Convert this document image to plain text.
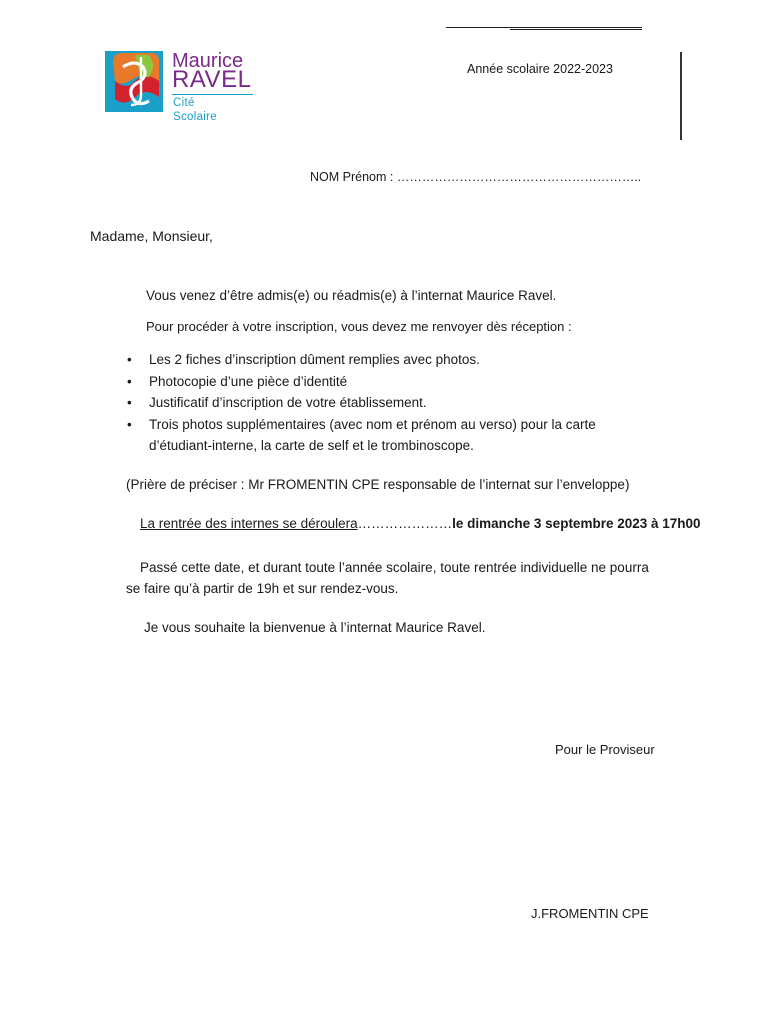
Maurice
RAVEL
Cité Scolaire
Année scolaire 2022-2023
NOM Prénom : …………………………………………………..
Madame, Monsieur,
Vous venez d’être admis(e) ou réadmis(e) à l’internat Maurice Ravel.
Pour procéder à votre inscription, vous devez me renvoyer dès réception :
• Les 2 fiches d’inscription dûment remplies avec photos.
• Photocopie d’une pièce d’identité
• Justificatif d’inscription de votre établissement.
• Trois photos supplémentaires (avec nom et prénom au verso) pour la carte
d’étudiant-interne, la carte de self et le trombinoscope.
(Prière de préciser : Mr FROMENTIN CPE responsable de l’internat sur l’enveloppe)
La rentrée des internes se déroulera…………………le dimanche 3 septembre 2023 à 17h00
Passé cette date, et durant toute l’année scolaire, toute rentrée individuelle ne pourra
se faire qu’à partir de 19h et sur rendez-vous.
Je vous souhaite la bienvenue à l’internat Maurice Ravel.
Pour le Proviseur
J.FROMENTIN CPE
